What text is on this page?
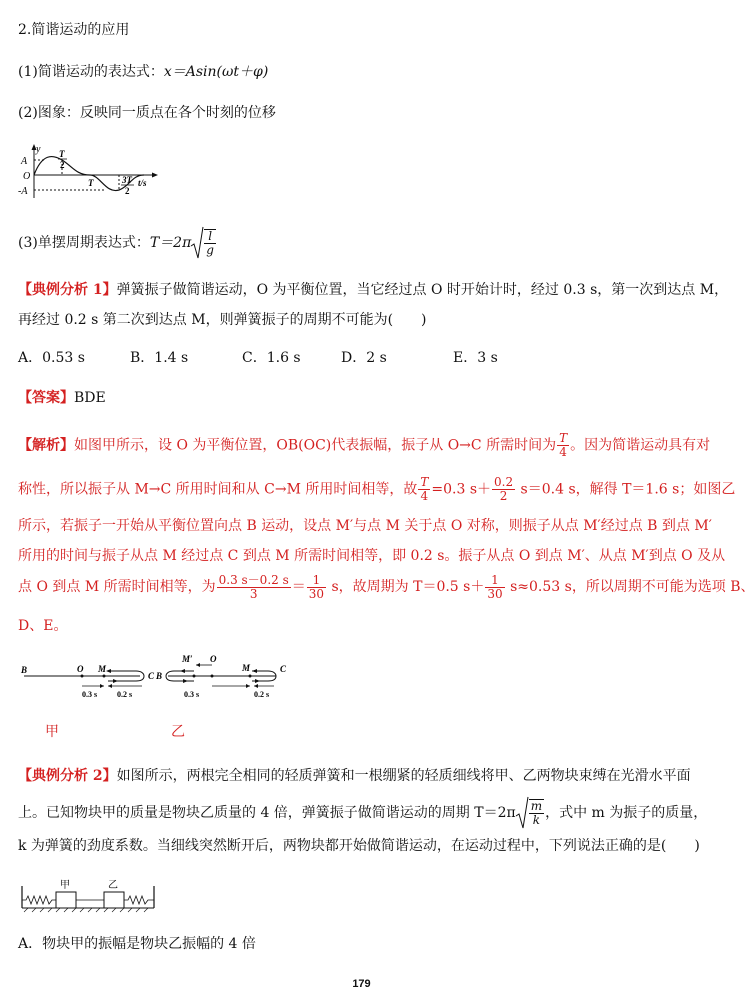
2.简谐运动的应用
(1)简谐运动的表达式：x＝Asin(ωt＋φ)
(2)图象：反映同一质点在各个时刻的位移
y
A
O
-A
T
2
T	3T
2
t/s
(3)单摆周期表达式：$T=2\pi \frac{l}{g}$
【典例分析 1】弹簧振子做简谐运动，O 为平衡位置，当它经过点 O 时开始计时，经过 0.3 s，第一次到达点 M，
再经过 0.2 s 第二次到达点 M，则弹簧振子的周期不可能为(　　)
A．0.53 s	B．1.4 s	C．1.6 s	D．2 s	E．3 s
【答案】BDE
【解析】如图甲所示，设 O 为平衡位置，OB(OC)代表振幅，振子从 O→C 所需时间为 $\frac{T}{4}$ 。因为简谐运动具有对
称性，所以振子从 M→C 所用时间和从 C→M 所用时间相等，故 $\frac{T}{4} =0.3$ $s+ \frac{0.2}{2} s=0.4$ s，解得 T＝1.6 s；如图乙
所示，若振子一开始从平衡位置向点 B 运动，设点 M′与点 M 关于点 O 对称，则振子从点 M′经过点 B 到点 M′
所用的时间与振子从点 M 经过点 C 到点 M 所需时间相等，即 0.2 s。振子从点 O 到点 M′、从点 M′到点 O 及从
点 O 到点 M 所需时间相等，为 $\frac{0.3 s-0.2 s}{3} = \frac{1}{30}$ s，故周期为 T＝0.5 $s+ \frac{1}{30} s\approx 0.53$ s，所以周期不可能为选项 B、
D、E。
B	O M
C
0.3 s 0.2 s
甲
B
M′ O
M	C
0.3 s	0.2 s
乙
【典例分析 2】如图所示，两根完全相同的轻质弹簧和一根绷紧的轻质细线将甲、乙两物块束缚在光滑水平面
上。已知物块甲的质量是物块乙质量的 4 倍，弹簧振子做简谐运动的周期 $T=2\pi \frac{m}{k}$ ，式中 m 为振子的质量，
k 为弹簧的劲度系数。当细线突然断开后，两物块都开始做简谐运动，在运动过程中，下列说法正确的是(　　)
甲	乙
A．物块甲的振幅是物块乙振幅的 4 倍
179
